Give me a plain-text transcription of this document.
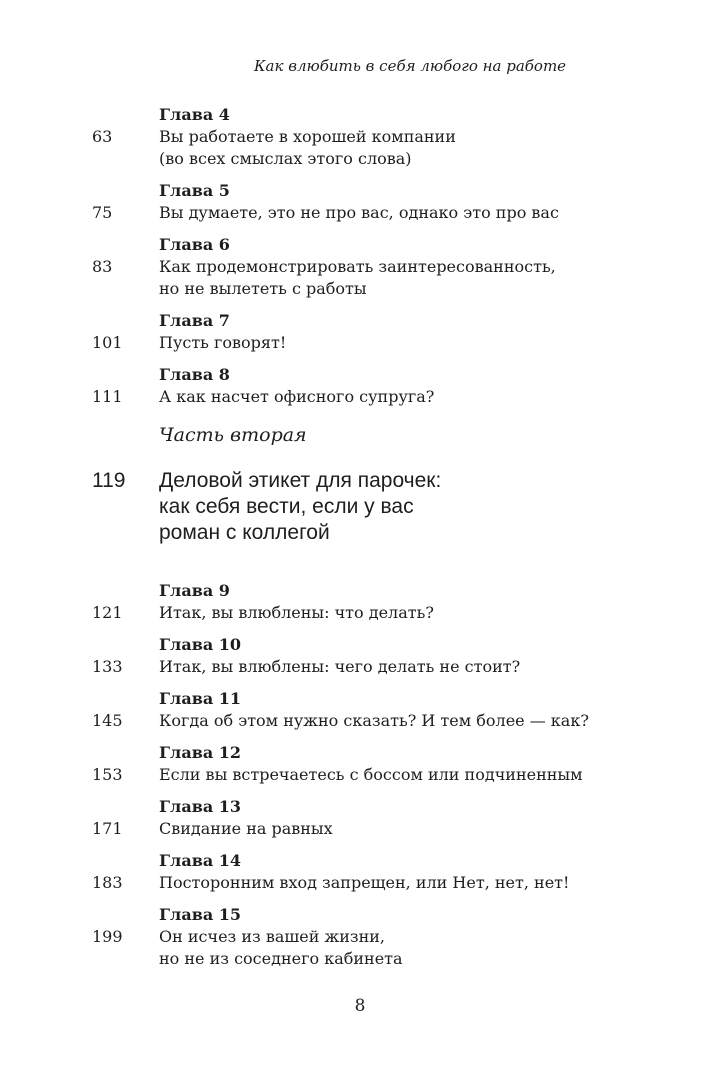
Как влюбить в себя любого на работе
Глава 4
63	Вы работаете в хорошей компании
(во всех смыслах этого слова)
Глава 5
75	Вы думаете, это не про вас, однако это про вас
Глава 6
83	Как продемонстрировать заинтересованность,
но не вылететь с работы
Глава 7
101 Пусть говорят!
Глава 8
111 А как насчет офисного супруга?
Часть вторая
119 Деловой этикет для парочек:
как себя вести, если у вас
роман с коллегой
Глава 9
121 Итак, вы влюблены: что делать?
Глава 10
133 Итак, вы влюблены: чего делать не стоит?
Глава 11
145 Когда об этом нужно сказать? И тем более — как?
Глава 12
153 Если вы встречаетесь с боссом или подчиненным
Глава 13
171 Свидание на равных
Глава 14
183 Посторонним вход запрещен, или Нет, нет, нет!
Глава 15
199 Он исчез из вашей жизни,
но не из соседнего кабинета
8
